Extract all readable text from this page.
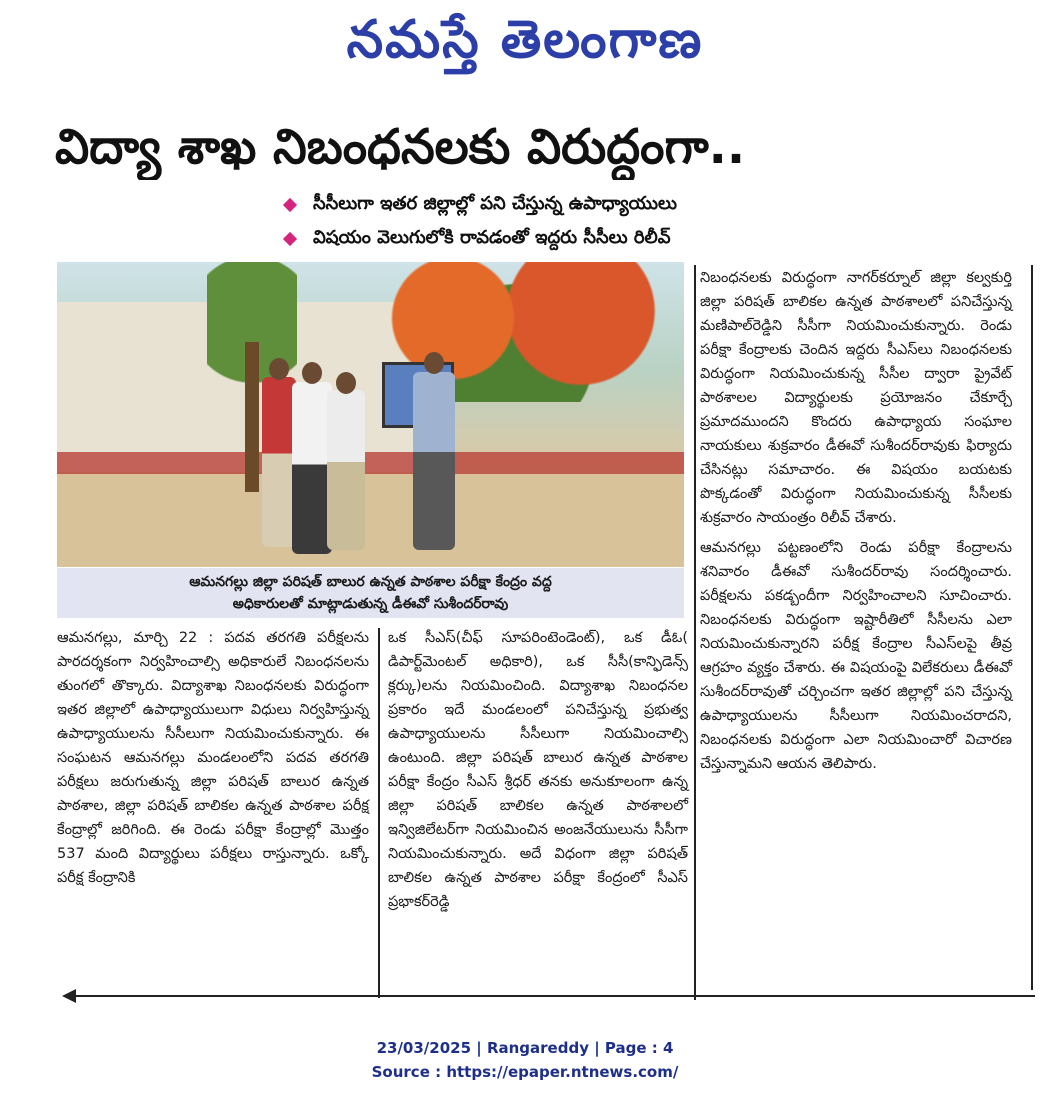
నమస్తే తెలంగాణ
విద్యా శాఖ నిబంధనలకు విరుద్ధంగా..
సీసీలుగా ఇతర జిల్లాల్లో పని చేస్తున్న ఉపాధ్యాయులు
విషయం వెలుగులోకి రావడంతో ఇద్దరు సీసీలు రిలీవ్
ఆమనగల్లు జిల్లా పరిషత్ బాలుర ఉన్నత పాఠశాల పరీక్షా కేంద్రం వద్ద
అధికారులతో మాట్లాడుతున్న డీఈవో సుశీందర్‌రావు

ఆమనగల్లు, మార్చి 22 : పదవ తరగతి పరీక్షలను పారదర్శకంగా నిర్వహించాల్సి అధికారులే నిబంధనలను తుంగలో తొక్కారు. విద్యాశాఖ నిబంధనలకు విరుద్ధంగా ఇతర జిల్లాలో ఉపాధ్యాయులుగా విధులు నిర్వహిస్తున్న ఉపాధ్యాయులను సీసీలుగా నియమించుకున్నారు. ఈ సంఘటన ఆమనగల్లు మండలంలోని పదవ తరగతి పరీక్షలు జరుగుతున్న జిల్లా పరిషత్ బాలుర ఉన్నత పాఠశాల, జిల్లా పరిషత్ బాలికల ఉన్నత పాఠశాల పరీక్ష కేంద్రాల్లో జరిగింది. ఈ రెండు పరీక్షా కేంద్రాల్లో మొత్తం 537 మంది విద్యార్థులు పరీక్షలు రాస్తున్నారు. ఒక్కో పరీక్ష కేంద్రానికి

ఒక సీఎస్(చీఫ్ సూపరింటెండెంట్), ఒక డీఓ( డిపార్ట్‌మెంటల్ అధికారి), ఒక సీసీ(కాన్ఫిడెన్స్ క్లర్కు)లను నియమించింది. విద్యాశాఖ నిబంధనల ప్రకారం ఇదే మండలంలో పనిచేస్తున్న ప్రభుత్వ ఉపాధ్యాయులను సీసీలుగా నియమించాల్సి ఉంటుంది. జిల్లా పరిషత్ బాలుర ఉన్నత పాఠశాల పరీక్షా కేంద్రం సీఎస్ శ్రీధర్ తనకు అనుకూలంగా ఉన్న జిల్లా పరిషత్ బాలికల ఉన్నత పాఠశాలలో ఇన్విజిలేటర్‌గా నియమించిన అంజనేయులును సీసీగా నియమించుకున్నారు. అదే విధంగా జిల్లా పరిషత్ బాలికల ఉన్నత పాఠశాల పరీక్షా కేంద్రంలో సీఎస్ ప్రభాకర్‌రెడ్డి

నిబంధనలకు విరుద్ధంగా నాగర్‌కర్నూల్ జిల్లా కల్వకుర్తి జిల్లా పరిషత్ బాలికల ఉన్నత పాఠశాలలో పనిచేస్తున్న మణిపాల్‌రెడ్డిని సీసీగా నియమించుకున్నారు. రెండు పరీక్షా కేంద్రాలకు చెందిన ఇద్దరు సీఎస్‌లు నిబంధనలకు విరుద్ధంగా నియమించుకున్న సీసీల ద్వారా ప్రైవేట్ పాఠశాలల విద్యార్థులకు ప్రయోజనం చేకూర్చే ప్రమాదముందని కొందరు ఉపాధ్యాయ సంఘాల నాయకులు శుక్రవారం డీఈవో సుశీందర్‌రావుకు ఫిర్యాదు చేసినట్లు సమాచారం. ఈ విషయం బయటకు పొక్కడంతో విరుద్ధంగా నియమించుకున్న సీసీలకు శుక్రవారం సాయంత్రం రిలీవ్ చేశారు.

ఆమనగల్లు పట్టణంలోని రెండు పరీక్షా కేంద్రాలను శనివారం డీఈవో సుశీందర్‌రావు సందర్శించారు. పరీక్షలను పకడ్బందీగా నిర్వహించాలని సూచించారు. నిబంధనలకు విరుద్ధంగా ఇష్టారీతిలో సీసీలను ఎలా నియమించుకున్నారని పరీక్ష కేంద్రాల సీఎస్‌లపై తీవ్ర ఆగ్రహం వ్యక్తం చేశారు. ఈ విషయంపై విలేకరులు డీఈవో సుశీందర్‌రావుతో చర్చించగా ఇతర జిల్లాల్లో పని చేస్తున్న ఉపాధ్యాయులను సీసీలుగా నియమించరాదని, నిబంధనలకు విరుద్ధంగా ఎలా నియమించారో విచారణ చేస్తున్నామని ఆయన తెలిపారు.

23/03/2025 | Rangareddy | Page : 4
Source : https://epaper.ntnews.com/
